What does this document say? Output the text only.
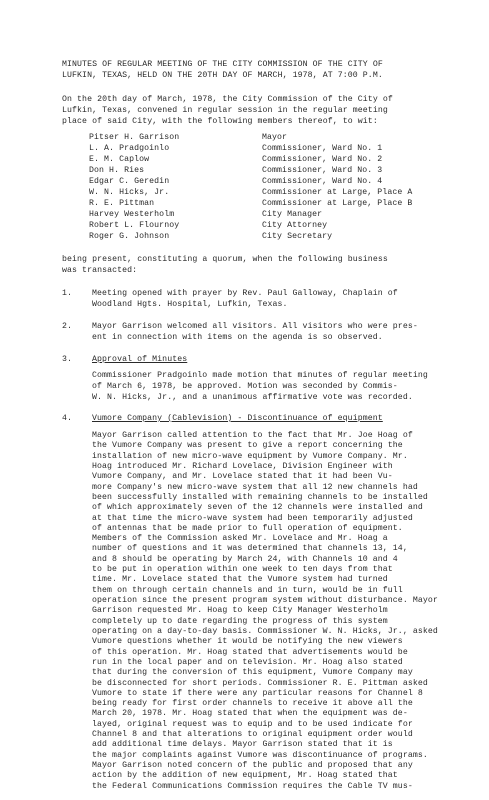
MINUTES OF REGULAR MEETING OF THE CITY COMMISSION OF THE CITY OF
LUFKIN, TEXAS, HELD ON THE 20TH DAY OF MARCH, 1978, AT 7:00 P.M.
On the 20th day of March, 1978, the City Commission of the City of
Lufkin, Texas, convened in regular session in the regular meeting
place of said City, with the following members thereof, to wit:
Pitser H. Garrison	Mayor
L. A. Pradgoinlo	Commissioner, Ward No. 1
E. M. Caplow	Commissioner, Ward No. 2
Don H. Ries	Commissioner, Ward No. 3
Edgar C. Geredin	Commissioner, Ward No. 4
W. N. Hicks, Jr.	Commissioner at Large, Place A
R. E. Pittman	Commissioner at Large, Place B
Harvey Westerholm	City Manager
Robert L. Flournoy	City Attorney
Roger G. Johnson	City Secretary
being present, constituting a quorum, when the following business
was transacted:
1. Meeting opened with prayer by Rev. Paul Galloway, Chaplain of
Woodland Hgts. Hospital, Lufkin, Texas.
2. Mayor Garrison welcomed all visitors. All visitors who were pres-
ent in connection with items on the agenda is so observed.
3. Approval of Minutes
Commissioner Pradgoinlo made motion that minutes of regular meeting
of March 6, 1978, be approved. Motion was seconded by Commis-
W. N. Hicks, Jr., and a unanimous affirmative vote was recorded.
4. Vumore Company (Cablevision) - Discontinuance of equipment
Mayor Garrison called attention to the fact that Mr. Joe Hoag of
the Vumore Company was present to give a report concerning the
installation of new micro-wave equipment by Vumore Company. Mr.
Hoag introduced Mr. Richard Lovelace, Division Engineer with
Vumore Company, and Mr. Lovelace stated that it had been Vu-
more Company's new micro-wave system that all 12 new channels had
been successfully installed with remaining channels to be installed
of which approximately seven of the 12 channels were installed and
at that time the micro-wave system had been temporarily adjusted
of antennas that be made prior to full operation of equipment.
Members of the Commission asked Mr. Lovelace and Mr. Hoag a
number of questions and it was determined that channels 13, 14,
and 8 should be operating by March 24, with Channels 10 and 4
to be put in operation within one week to ten days from that
time. Mr. Lovelace stated that the Vumore system had turned
them on through certain channels and in turn, would be in full
operation since the present program system without disturbance. Mayor
Garrison requested Mr. Hoag to keep City Manager Westerholm
completely up to date regarding the progress of this system
operating on a day-to-day basis. Commissioner W. N. Hicks, Jr., asked
Vumore questions whether it would be notifying the new viewers
of this operation. Mr. Hoag stated that advertisements would be
run in the local paper and on television. Mr. Hoag also stated
that during the conversion of this equipment, Vumore Company may
be disconnected for short periods. Commissioner R. E. Pittman asked
Vumore to state if there were any particular reasons for Channel 8
being ready for first order channels to receive it above all the
March 20, 1978. Mr. Hoag stated that when the equipment was de-
layed, original request was to equip and to be used indicate for
Channel 8 and that alterations to original equipment order would
add additional time delays. Mayor Garrison stated that it is
the major complaints against Vumore was discontinuance of programs.
Mayor Garrison noted concern of the public and proposed that any
action by the addition of new equipment, Mr. Hoag stated that
the Federal Communications Commission requires the Cable TV mus-
